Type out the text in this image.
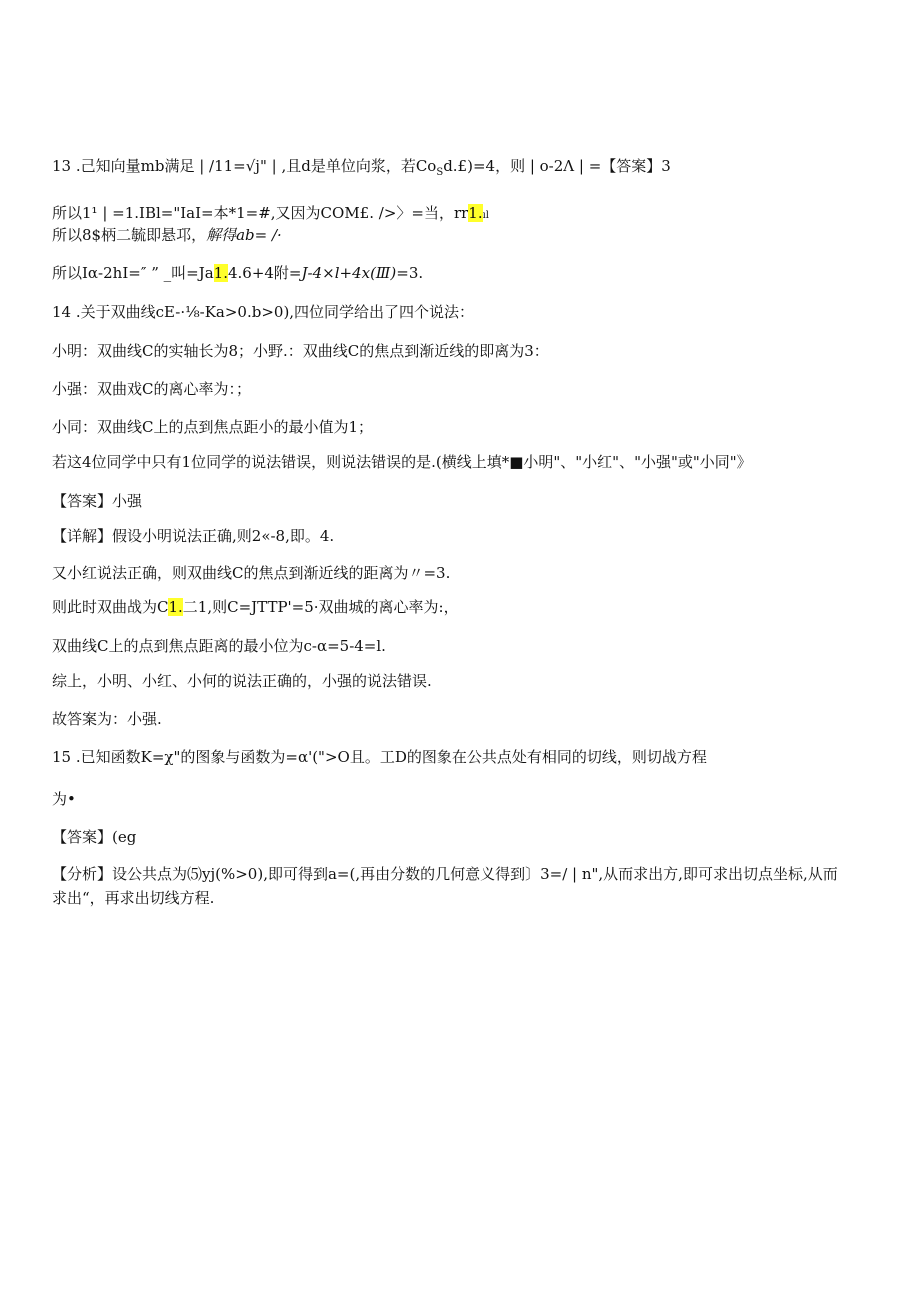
13 .己知向量mb满足 | ∕11=√j" | ,且d是单位向浆，若$Co_Sd.£)=4$，则 | o-2Λ | =【答案】3
所以1¹ | =1.IBl="IaI=本*1=#,又因为COM£. />〉=当，rr1.ıl
所以8$柄二毓即悬邛，解得ab= /·
所以Iα-2hI=″ ” _叫=Ja1.4.6+4附=J-4×l+4x(Ⅲ)=3.
14 .关于双曲线cE-·⅛-Ka>0.b>0),四位同学给出了四个说法：
小明：双曲线C的实轴长为8；小野.：双曲线C的焦点到渐近线的即离为3：
小强：双曲戏C的离心率为：；
小同：双曲线C上的点到焦点距小的最小值为1；
若这4位同学中只有1位同学的说法错误，则说法错误的是.(横线上填*■小明"、"小红"、"小强"或"小同"》
【答案】小强
【详解】假设小明说法正确,则2«-8,即。4.
又小红说法正确，则双曲线C的焦点到渐近线的距离为〃=3.
则此时双曲战为C1.二1,则C=JTTP'=5·双曲城的离心率为:，
双曲线C上的点到焦点距离的最小位为c-α=5-4=l.
综上，小明、小红、小何的说法正确的，小强的说法错误.
故答案为：小强.
15 .已知函数K=χ"的图象与函数为=α'(">O且。工D的图象在公共点处有相同的切线，则切战方程
为•
【答案】(eg
【分析】设公共点为⑸yj(%>0),即可得到a=(,再由分数的几何意义得到〕3=∕ | n",从而求出方,即可求出切点坐标,从而
求出“，再求出切线方程.
